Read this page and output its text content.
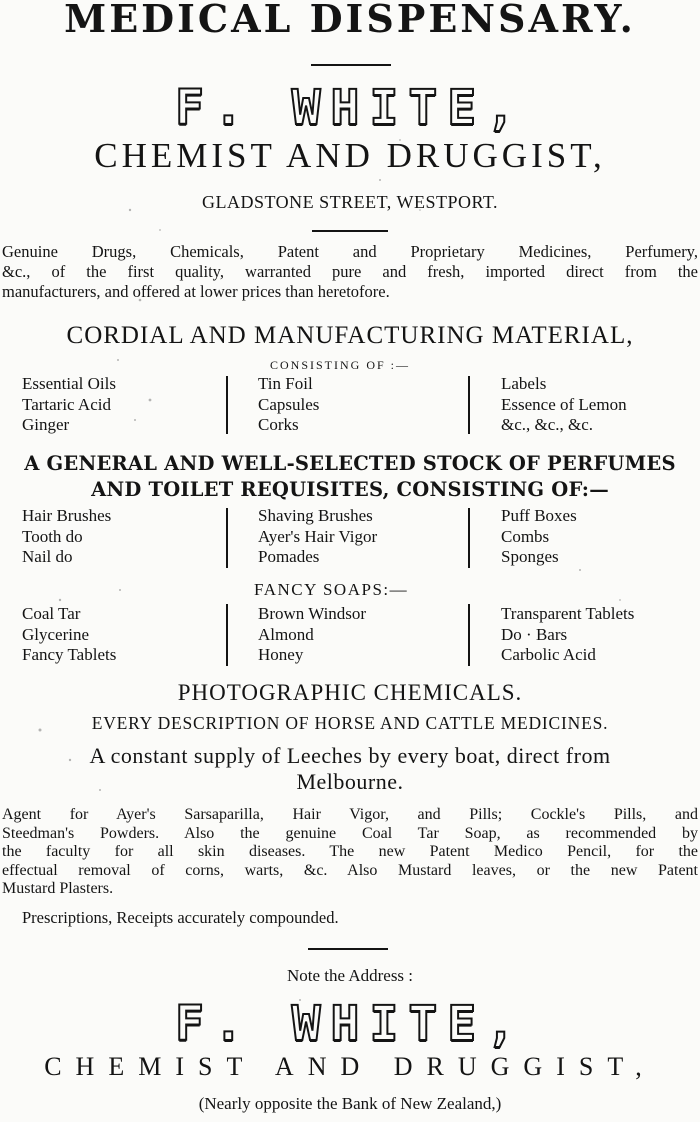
MEDICAL DISPENSARY.
F. WHITE,
CHEMIST AND DRUGGIST,
GLADSTONE STREET, WESTPORT.
Genuine Drugs, Chemicals, Patent and Proprietary Medicines, Perfumery,
&c., of the first quality, warranted pure and fresh, imported direct from the
manufacturers, and offered at lower prices than heretofore.
CORDIAL AND MANUFACTURING MATERIAL,
CONSISTING OF :—
Essential Oils
Tartaric Acid
Ginger
Tin Foil
Capsules
Corks
Labels
Essence of Lemon
&c., &c., &c.
A GENERAL AND WELL-SELECTED STOCK OF PERFUMES
AND TOILET REQUISITES, CONSISTING OF:—
Hair Brushes
Tooth do
Nail do
Shaving Brushes
Ayer's Hair Vigor
Pomades
Puff Boxes
Combs
Sponges
FANCY SOAPS:—
Coal Tar
Glycerine
Fancy Tablets
Brown Windsor
Almond
Honey
Transparent Tablets
Do · Bars
Carbolic Acid
PHOTOGRAPHIC CHEMICALS.
EVERY DESCRIPTION OF HORSE AND CATTLE MEDICINES.
A constant supply of Leeches by every boat, direct from
Melbourne.
Agent for Ayer's Sarsaparilla, Hair Vigor, and Pills; Cockle's Pills, and
Steedman's Powders. Also the genuine Coal Tar Soap, as recommended by
the faculty for all skin diseases. The new Patent Medico Pencil, for the
effectual removal of corns, warts, &c. Also Mustard leaves, or the new Patent
Mustard Plasters.
Prescriptions, Receipts accurately compounded.
Note the Address :
F. WHITE,
CHEMIST AND DRUGGIST,
(Nearly opposite the Bank of New Zealand,)
